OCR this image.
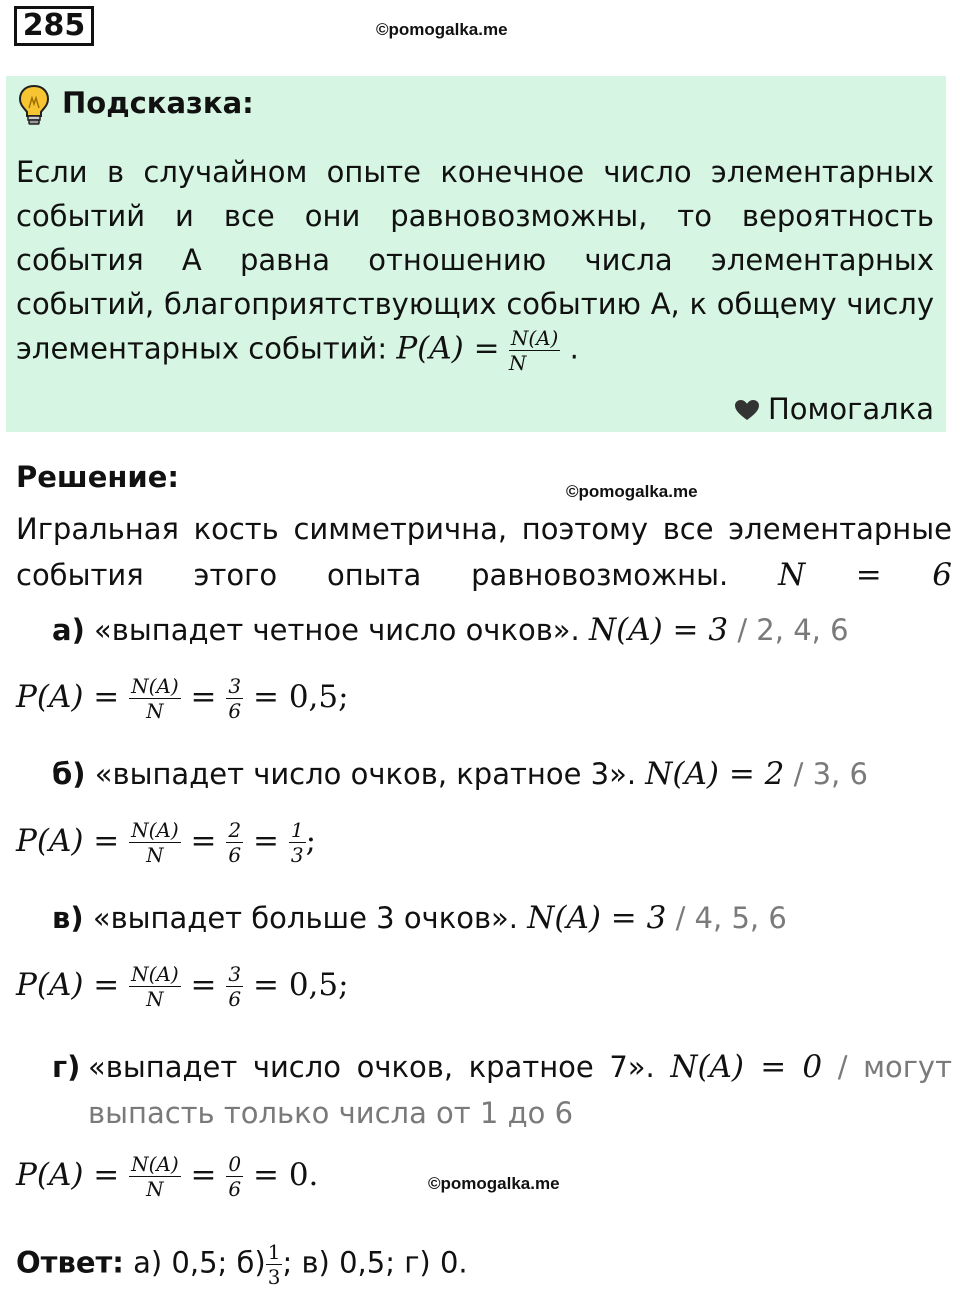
285	©pomogalka.me
Подсказка:
Если в случайном опыте конечное число элементарных событий и все они равновозможны, то вероятность события A равна отношению числа элементарных событий, благоприятствующих событию A, к общему числу элементарных событий: $P(A) = \frac{N(A)}{N}$ .
Помогалка
Решение:	©pomogalka.me
Игральная кость симметрична, поэтому все элементарные события этого опыта равновозможны. N = 6
а) «выпадет четное число очков». N(A) = 3 / 2, 4, 6
$P(A) = \frac{N(A)}{N} = \frac{3}{6} = 0,5$;
б) «выпадет число очков, кратное 3». N(A) = 2 / 3, 6
$P(A) = \frac{N(A)}{N} = \frac{2}{6} = \frac{1}{3}$ ;
в) «выпадет больше 3 очков». N(A) = 3 / 4, 5, 6
$P(A) = \frac{N(A)}{N} = \frac{3}{6} = 0,5$;
г) «выпадет число очков, кратное 7». N(A) = 0 / могут выпасть только числа от 1 до 6
$P(A) = \frac{N(A)}{N} = \frac{0}{6} = 0$.	©pomogalka.me
Ответ: а) 0,5; $б) \frac{1}{3}$ ; в) 0,5; г) 0.
